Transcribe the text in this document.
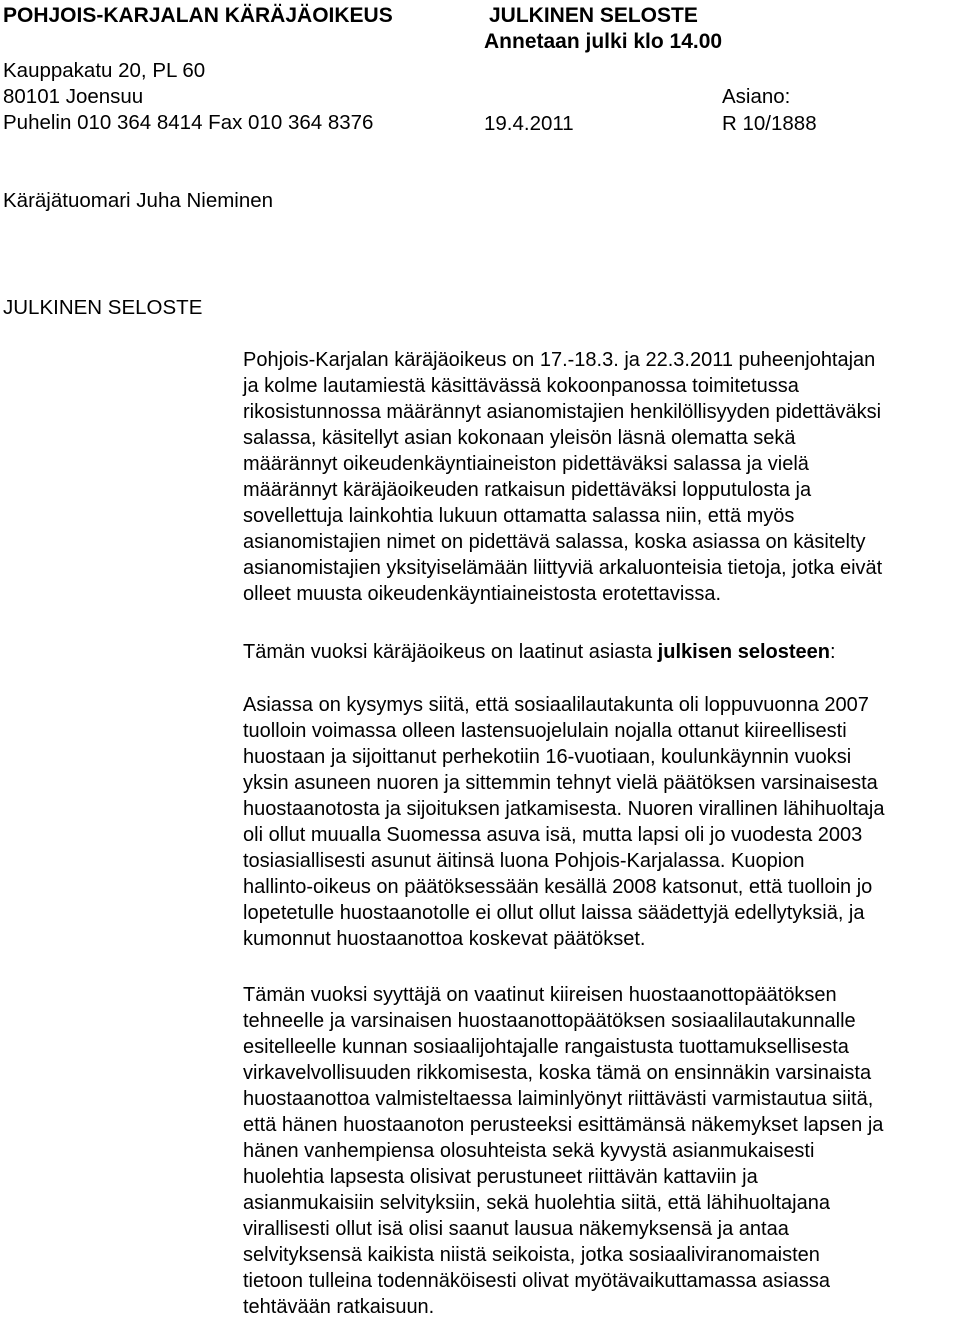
POHJOIS-KARJALAN KÄRÄJÄOIKEUS
Kauppakatu 20, PL 60
80101 Joensuu
Puhelin 010 364 8414 Fax 010 364 8376
JULKINEN SELOSTE
Annetaan julki klo 14.00
Asiano:
19.4.2011	R 10/1888
Käräjätuomari Juha Nieminen
JULKINEN SELOSTE
Pohjois-Karjalan käräjäoikeus on 17.-18.3. ja 22.3.2011 puheenjohtajan
ja kolme lautamiestä käsittävässä kokoonpanossa toimitetussa
rikosistunnossa määrännyt asianomistajien henkilöllisyyden pidettäväksi
salassa, käsitellyt asian kokonaan yleisön läsnä olematta sekä
määrännyt oikeudenkäyntiaineiston pidettäväksi salassa ja vielä
määrännyt käräjäoikeuden ratkaisun pidettäväksi lopputulosta ja
sovellettuja lainkohtia lukuun ottamatta salassa niin, että myös
asianomistajien nimet on pidettävä salassa, koska asiassa on käsitelty
asianomistajien yksityiselämään liittyviä arkaluonteisia tietoja, jotka eivät
olleet muusta oikeudenkäyntiaineistosta erotettavissa.
Tämän vuoksi käräjäoikeus on laatinut asiasta julkisen selosteen:
Asiassa on kysymys siitä, että sosiaalilautakunta oli loppuvuonna 2007
tuolloin voimassa olleen lastensuojelulain nojalla ottanut kiireellisesti
huostaan ja sijoittanut perhekotiin 16-vuotiaan, koulunkäynnin vuoksi
yksin asuneen nuoren ja sittemmin tehnyt vielä päätöksen varsinaisesta
huostaanotosta ja sijoituksen jatkamisesta. Nuoren virallinen lähihuoltaja
oli ollut muualla Suomessa asuva isä, mutta lapsi oli jo vuodesta 2003
tosiasiallisesti asunut äitinsä luona Pohjois-Karjalassa. Kuopion
hallinto-oikeus on päätöksessään kesällä 2008 katsonut, että tuolloin jo
lopetetulle huostaanotolle ei ollut ollut laissa säädettyjä edellytyksiä, ja
kumonnut huostaanottoa koskevat päätökset.
Tämän vuoksi syyttäjä on vaatinut kiireisen huostaanottopäätöksen
tehneelle ja varsinaisen huostaanottopäätöksen sosiaalilautakunnalle
esitelleelle kunnan sosiaalijohtajalle rangaistusta tuottamuksellisesta
virkavelvollisuuden rikkomisesta, koska tämä on ensinnäkin varsinaista
huostaanottoa valmisteltaessa laiminlyönyt riittävästi varmistautua siitä,
että hänen huostaanoton perusteeksi esittämänsä näkemykset lapsen ja
hänen vanhempiensa olosuhteista sekä kyvystä asianmukaisesti
huolehtia lapsesta olisivat perustuneet riittävän kattaviin ja
asianmukaisiin selvityksiin, sekä huolehtia siitä, että lähihuoltajana
virallisesti ollut isä olisi saanut lausua näkemyksensä ja antaa
selvityksensä kaikista niistä seikoista, jotka sosiaaliviranomaisten
tietoon tulleina todennäköisesti olivat myötävaikuttamassa asiassa
tehtävään ratkaisuun.
